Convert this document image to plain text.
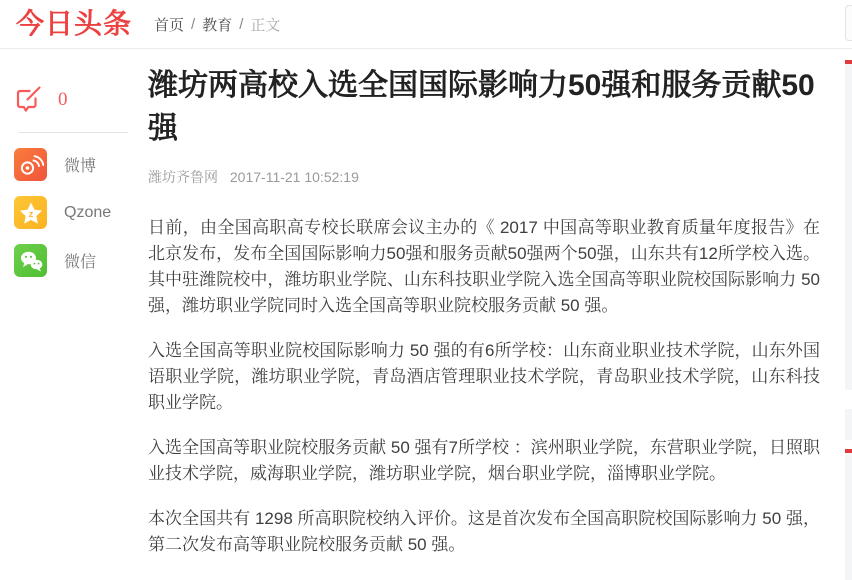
今日头条 首页 / 教育 / 正文
0
微博
z Qzone
微信
潍坊两高校入选全国国际影响力50强和服务贡献50强
潍坊齐鲁网 2017-11-21 10:52:19

日前，由全国高职高专校长联席会议主办的《 2017 中国高等职业教育质量年度报告》在北京发布，发布全国国际影响力50强和服务贡献50强两个50强，山东共有12所学校入选。其中驻潍院校中，潍坊职业学院、山东科技职业学院入选全国高等职业院校国际影响力 50 强，潍坊职业学院同时入选全国高等职业院校服务贡献 50 强。

入选全国高等职业院校国际影响力 50 强的有6所学校：山东商业职业技术学院，山东外国语职业学院，潍坊职业学院，青岛酒店管理职业技术学院，青岛职业技术学院，山东科技职业学院。

入选全国高等职业院校服务贡献 50 强有7所学校 ：滨州职业学院，东营职业学院，日照职业技术学院，威海职业学院，潍坊职业学院，烟台职业学院，淄博职业学院。

本次全国共有 1298 所高职院校纳入评价。这是首次发布全国高职院校国际影响力 50 强，第二次发布高等职业院校服务贡献 50 强。
